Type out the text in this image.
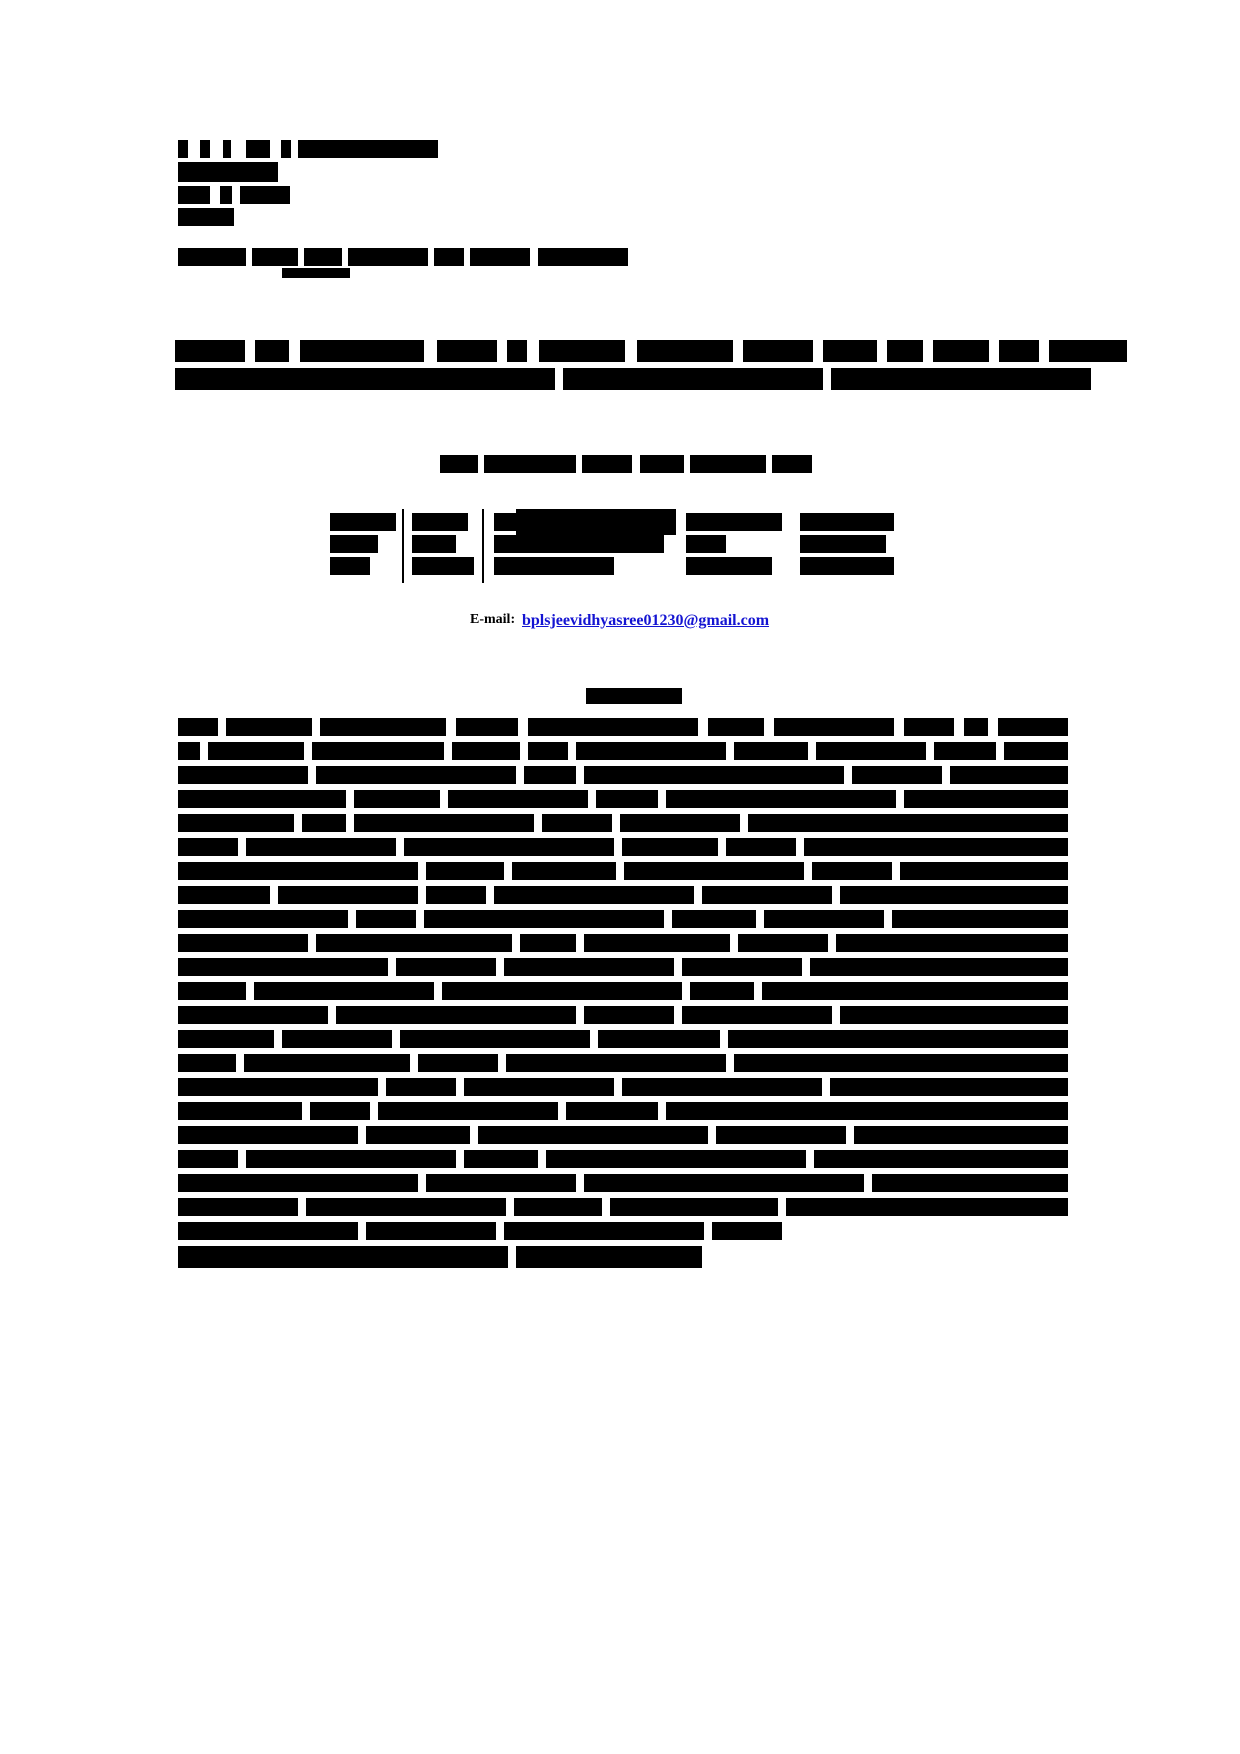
E-mail: bplsjeevidhyasree01230@gmail.com
